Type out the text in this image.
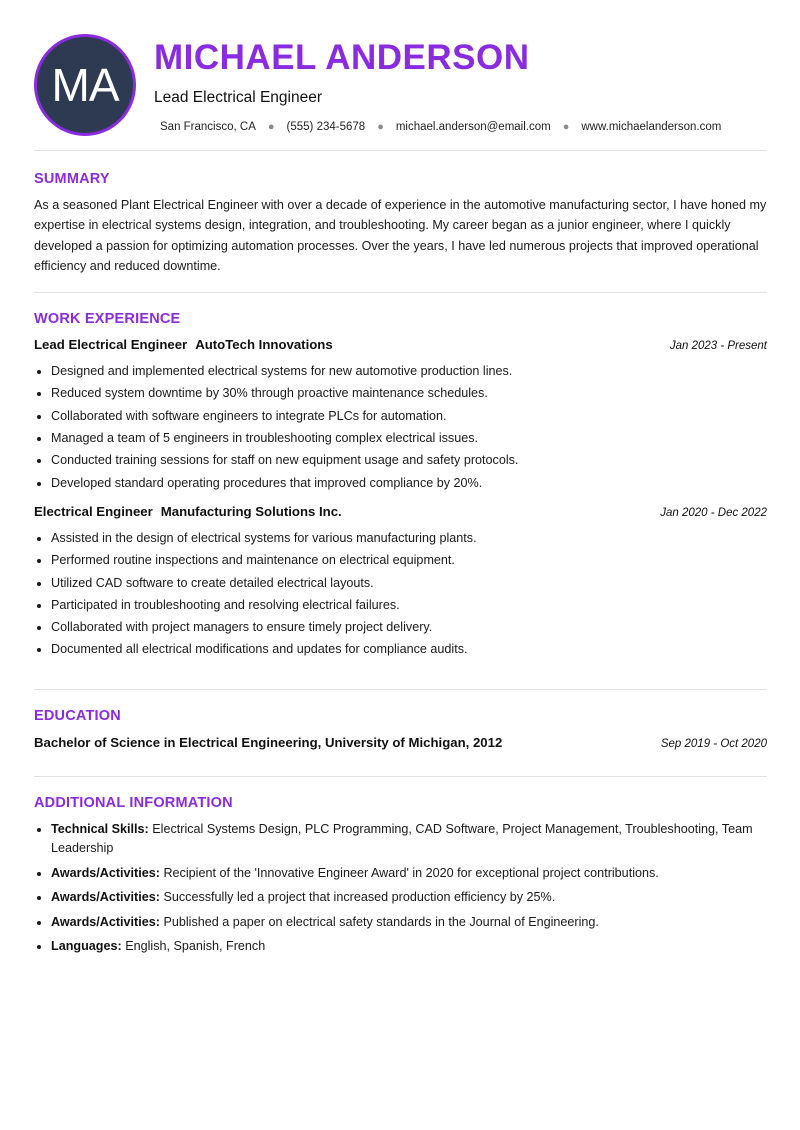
MA
MICHAEL ANDERSON
Lead Electrical Engineer
San Francisco, CA ● (555) 234-5678 ● michael.anderson@email.com ● www.michaelanderson.com
SUMMARY

As a seasoned Plant Electrical Engineer with over a decade of experience in the automotive manufacturing sector, I have honed my expertise in electrical systems design, integration, and troubleshooting. My career began as a junior engineer, where I quickly developed a passion for optimizing automation processes. Over the years, I have led numerous projects that improved operational efficiency and reduced downtime.

WORK EXPERIENCE
Lead Electrical Engineer AutoTech Innovations	Jan 2023 - Present
• Designed and implemented electrical systems for new automotive production lines.
• Reduced system downtime by 30% through proactive maintenance schedules.
• Collaborated with software engineers to integrate PLCs for automation.
• Managed a team of 5 engineers in troubleshooting complex electrical issues.
• Conducted training sessions for staff on new equipment usage and safety protocols.
• Developed standard operating procedures that improved compliance by 20%.
Electrical Engineer Manufacturing Solutions Inc.	Jan 2020 - Dec 2022
• Assisted in the design of electrical systems for various manufacturing plants.
• Performed routine inspections and maintenance on electrical equipment.
• Utilized CAD software to create detailed electrical layouts.
• Participated in troubleshooting and resolving electrical failures.
• Collaborated with project managers to ensure timely project delivery.
• Documented all electrical modifications and updates for compliance audits.
EDUCATION
Bachelor of Science in Electrical Engineering, University of Michigan, 2012	Sep 2019 - Oct 2020
ADDITIONAL INFORMATION
• Technical Skills: Electrical Systems Design, PLC Programming, CAD Software, Project Management, Troubleshooting, Team Leadership
• Awards/Activities: Recipient of the 'Innovative Engineer Award' in 2020 for exceptional project contributions.
• Awards/Activities: Successfully led a project that increased production efficiency by 25%.
• Awards/Activities: Published a paper on electrical safety standards in the Journal of Engineering.
• Languages: English, Spanish, French
